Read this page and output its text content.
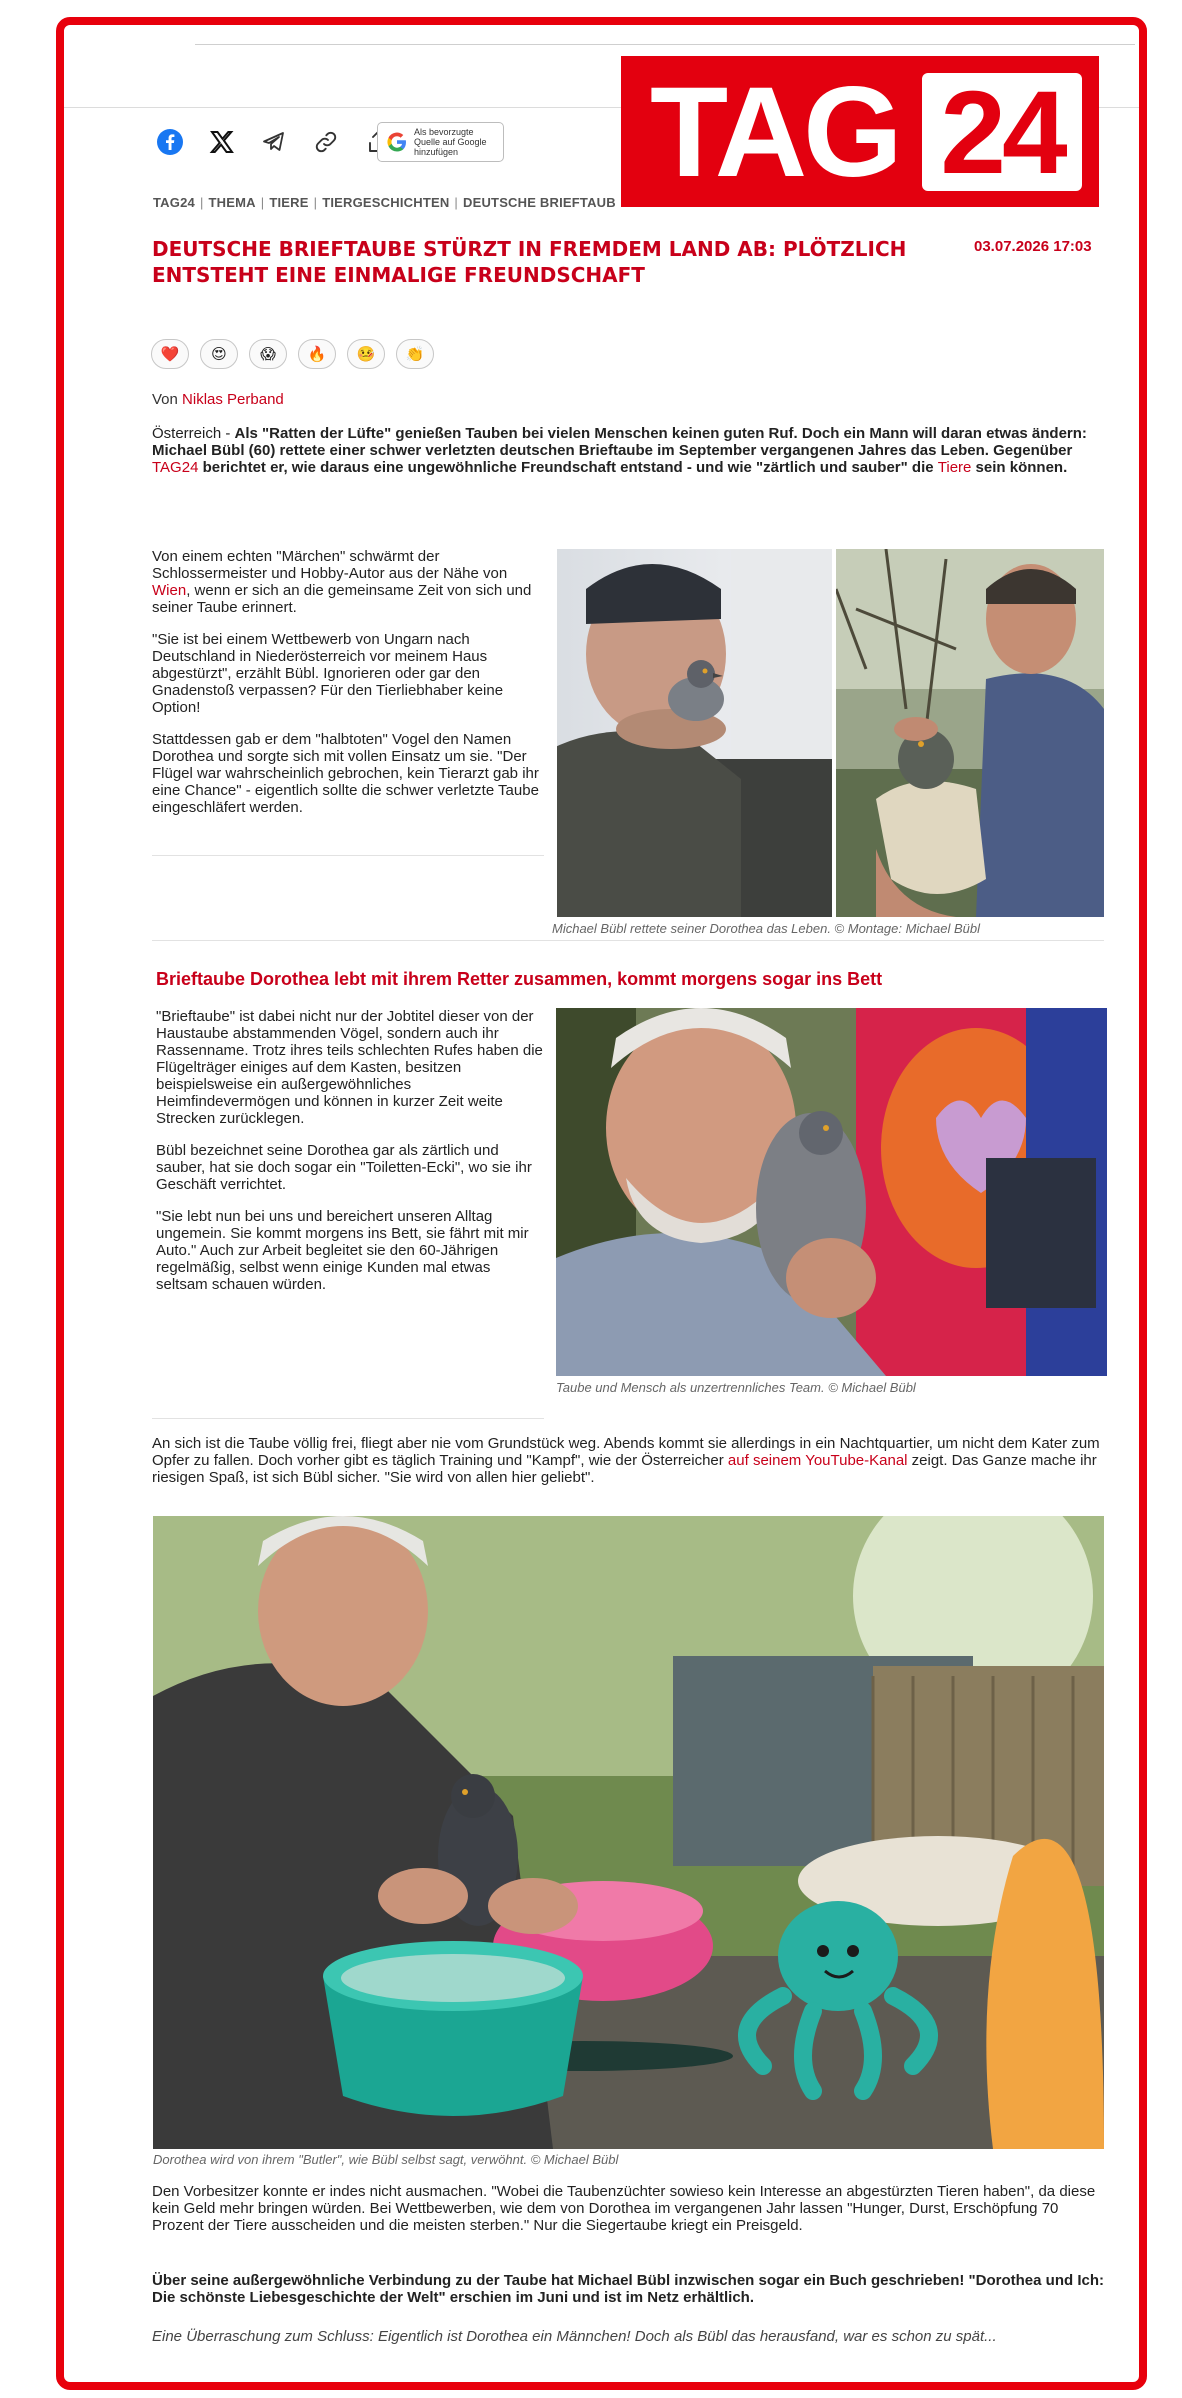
TAG 24
Als bevorzugte
Quelle auf Google
hinzufügen
TAG24 | THEMA | TIERE | TIERGESCHICHTEN | DEUTSCHE BRIEFTAUB
DEUTSCHE BRIEFTAUBE STÜRZT IN FREMDEM LAND AB: PLÖTZLICH
ENTSTEHT EINE EINMALIGE FREUNDSCHAFT
03.07.2026 17:03
❤️	😍	😱	🔥	🤒	👏
Von Niklas Perband
Österreich - Als "Ratten der Lüfte" genießen Tauben bei vielen Menschen keinen guten Ruf. Doch ein Mann will daran etwas ändern: Michael Bübl (60) rettete einer schwer verletzten deutschen Brieftaube im September vergangenen Jahres das Leben. Gegenüber TAG24 berichtet er, wie daraus eine ungewöhnliche Freundschaft entstand - und wie "zärtlich und sauber" die Tiere sein können.

Von einem echten "Märchen" schwärmt der Schlossermeister und Hobby-Autor aus der Nähe von Wien, wenn er sich an die gemeinsame Zeit von sich und seiner Taube erinnert.

"Sie ist bei einem Wettbewerb von Ungarn nach Deutschland in Niederösterreich vor meinem Haus abgestürzt", erzählt Bübl. Ignorieren oder gar den Gnadenstoß verpassen? Für den Tierliebhaber keine Option!

Stattdessen gab er dem "halbtoten" Vogel den Namen Dorothea und sorgte sich mit vollen Einsatz um sie. "Der Flügel war wahrscheinlich gebrochen, kein Tierarzt gab ihr eine Chance" - eigentlich sollte die schwer verletzte Taube eingeschläfert werden.

Michael Bübl rettete seiner Dorothea das Leben. © Montage: Michael Bübl
Brieftaube Dorothea lebt mit ihrem Retter zusammen, kommt morgens sogar ins Bett

"Brieftaube" ist dabei nicht nur der Jobtitel dieser von der Haustaube abstammenden Vögel, sondern auch ihr Rassenname. Trotz ihres teils schlechten Rufes haben die Flügelträger einiges auf dem Kasten, besitzen beispielsweise ein außergewöhnliches Heimfindevermögen und können in kurzer Zeit weite Strecken zurücklegen.

Bübl bezeichnet seine Dorothea gar als zärtlich und sauber, hat sie doch sogar ein "Toiletten-Ecki", wo sie ihr Geschäft verrichtet.

"Sie lebt nun bei uns und bereichert unseren Alltag ungemein. Sie kommt morgens ins Bett, sie fährt mit mir Auto." Auch zur Arbeit begleitet sie den 60-Jährigen regelmäßig, selbst wenn einige Kunden mal etwas seltsam schauen würden.

Taube und Mensch als unzertrennliches Team. © Michael Bübl
An sich ist die Taube völlig frei, fliegt aber nie vom Grundstück weg. Abends kommt sie allerdings in ein Nachtquartier, um nicht dem Kater zum Opfer zu fallen. Doch vorher gibt es täglich Training und "Kampf", wie der Österreicher auf seinem YouTube-Kanal zeigt. Das Ganze mache ihr riesigen Spaß, ist sich Bübl sicher. "Sie wird von allen hier geliebt".
Dorothea wird von ihrem "Butler", wie Bübl selbst sagt, verwöhnt. © Michael Bübl
Den Vorbesitzer konnte er indes nicht ausmachen. "Wobei die Taubenzüchter sowieso kein Interesse an abgestürzten Tieren haben", da diese kein Geld mehr bringen würden. Bei Wettbewerben, wie dem von Dorothea im vergangenen Jahr lassen "Hunger, Durst, Erschöpfung 70 Prozent der Tiere ausscheiden und die meisten sterben." Nur die Siegertaube kriegt ein Preisgeld.
Über seine außergewöhnliche Verbindung zu der Taube hat Michael Bübl inzwischen sogar ein Buch geschrieben! "Dorothea und Ich: Die schönste Liebesgeschichte der Welt" erschien im Juni und ist im Netz erhältlich.
Eine Überraschung zum Schluss: Eigentlich ist Dorothea ein Männchen! Doch als Bübl das herausfand, war es schon zu spät...
